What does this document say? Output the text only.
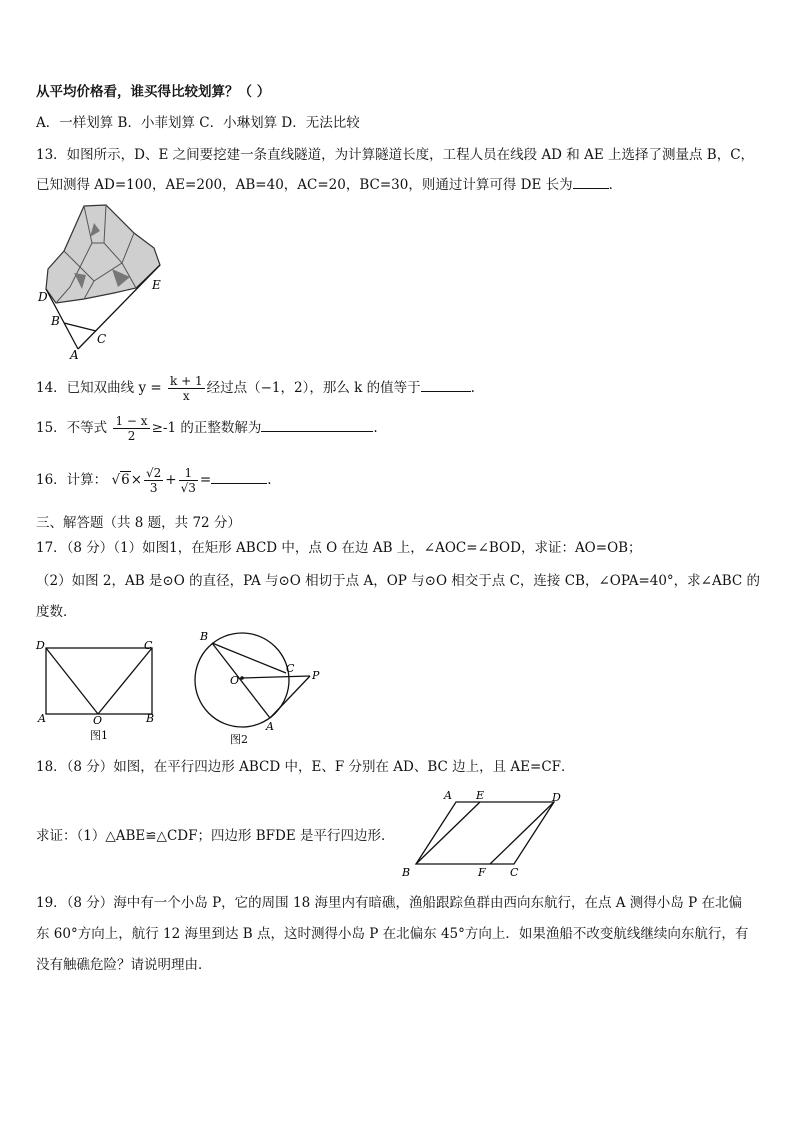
从平均价格看，谁买得比较划算？（ ）
A．一样划算 B．小菲划算 C．小琳划算 D．无法比较
13．如图所示，D、E 之间要挖建一条直线隧道，为计算隧道长度，工程人员在线段 AD 和 AE 上选择了测量点 B，C，
已知测得 AD=100，AE=200，AB=40，AC=20，BC=30，则通过计算可得 DE 长为	．
D
E
B
C
A
14．已知双曲线 $y = \frac{k + 1}{x}$ 经过点（−1，2），那么 k 的值等于	.
15．不等式 $\frac{1 - x}{2} \ge-1$ 的正整数解为	.
16．计算： $√6\times \frac{√2}{3} + \frac{1}{√3}$ =	.
三、解答题（共 8 题，共 72 分）
17．（8 分）（1）如图1，在矩形 ABCD 中，点 O 在边 AB 上，∠AOC=∠BOD，求证：AO=OB；
（2）如图 2，AB 是⊙O 的直径，PA 与⊙O 相切于点 A，OP 与⊙O 相交于点 C，连接 CB，∠OPA=40°，求∠ABC 的
度数．
D	C
A	O	B
图1
B
C
O	P
A
图2
18．（8 分）如图，在平行四边形 ABCD 中，E、F 分别在 AD、BC 边上，且 AE=CF．
求证：（1）△ABE≌△CDF；四边形 BFDE 是平行四边形．
A E	D
B	F C
19．（8 分）海中有一个小岛 P，它的周围 18 海里内有暗礁，渔船跟踪鱼群由西向东航行，在点 A 测得小岛 P 在北偏
东 60°方向上，航行 12 海里到达 B 点，这时测得小岛 P 在北偏东 45°方向上．如果渔船不改变航线继续向东航行，有
没有触礁危险？请说明理由．
